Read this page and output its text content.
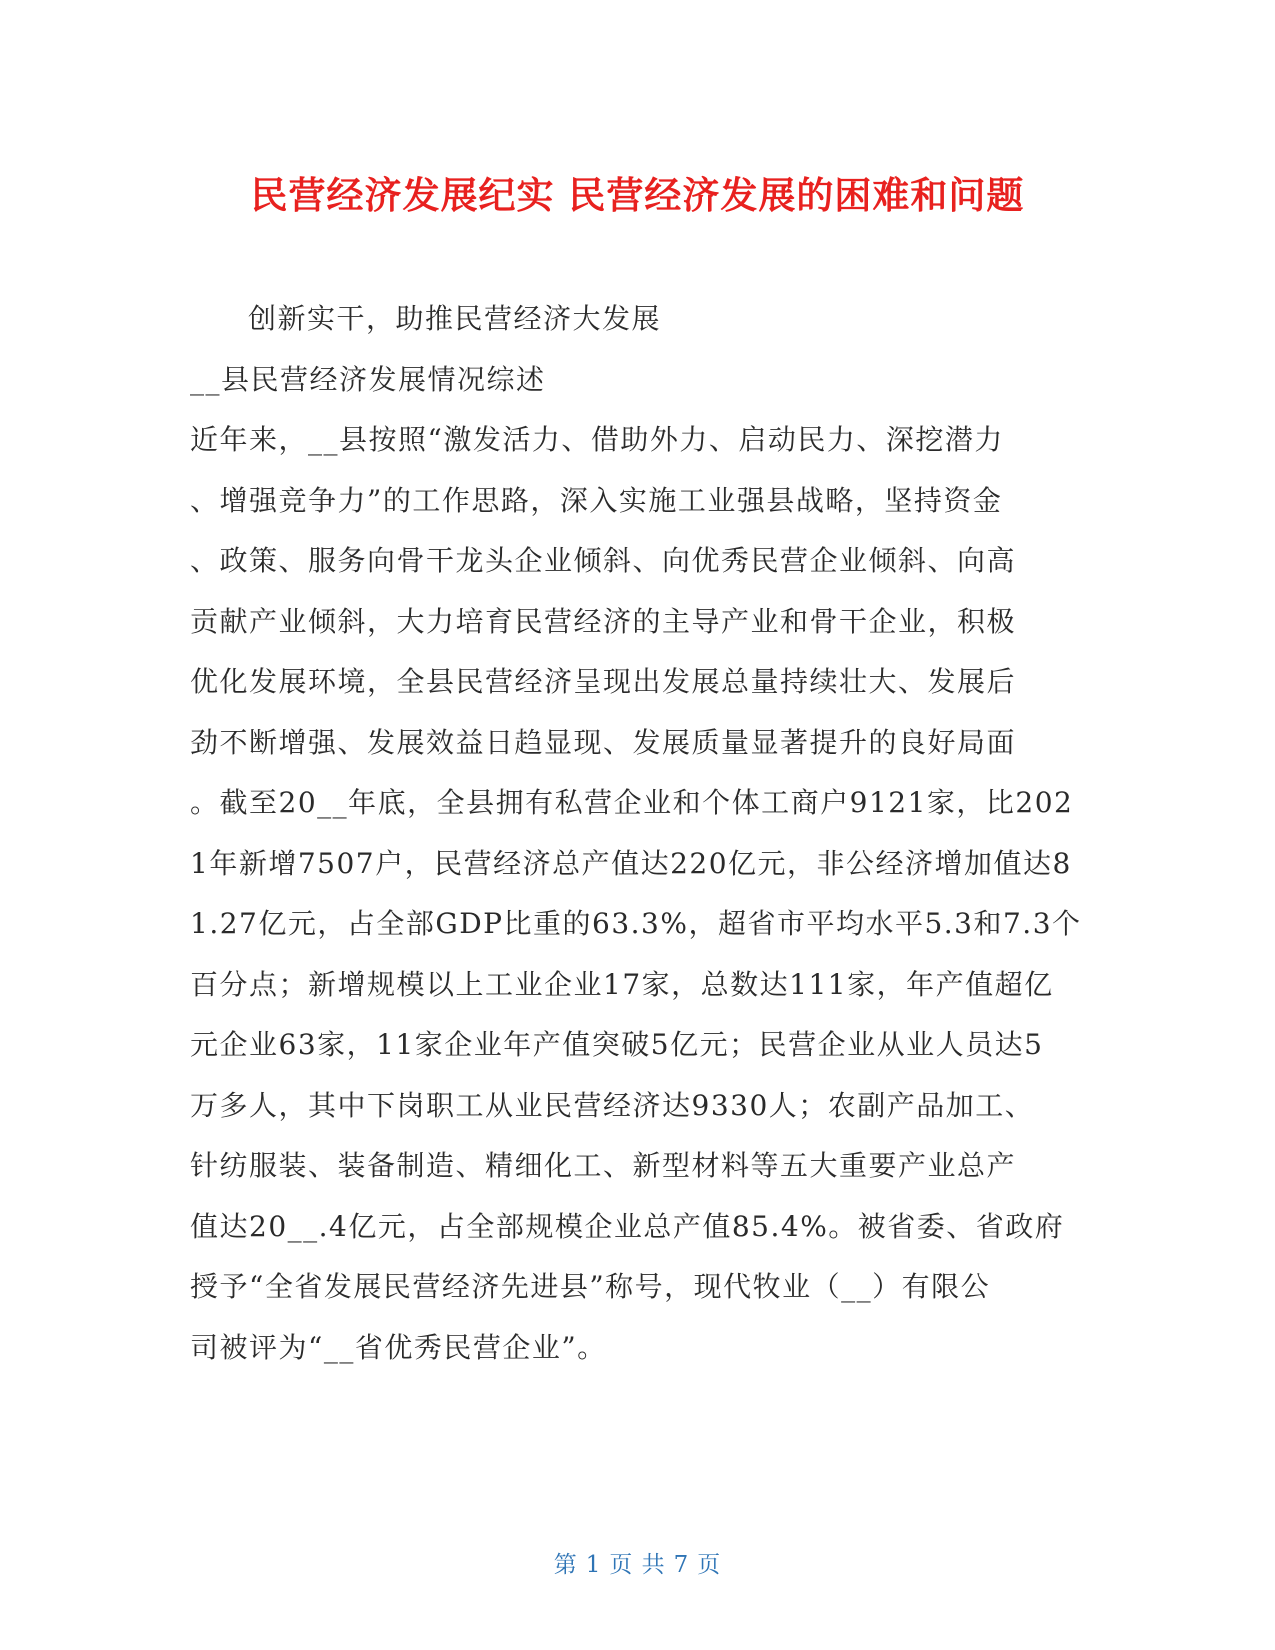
民营经济发展纪实 民营经济发展的困难和问题
创新实干，助推民营经济大发展
__县民营经济发展情况综述
近年来，__县按照“激发活力、借助外力、启动民力、深挖潜力
、增强竞争力”的工作思路，深入实施工业强县战略，坚持资金
、政策、服务向骨干龙头企业倾斜、向优秀民营企业倾斜、向高
贡献产业倾斜，大力培育民营经济的主导产业和骨干企业，积极
优化发展环境，全县民营经济呈现出发展总量持续壮大、发展后
劲不断增强、发展效益日趋显现、发展质量显著提升的良好局面
。截至20__年底，全县拥有私营企业和个体工商户9121家，比202
1年新增7507户，民营经济总产值达220亿元，非公经济增加值达8
1.27亿元，占全部GDP比重的63.3%，超省市平均水平5.3和7.3个
百分点；新增规模以上工业企业17家，总数达111家，年产值超亿
元企业63家，11家企业年产值突破5亿元；民营企业从业人员达5
万多人，其中下岗职工从业民营经济达9330人；农副产品加工、
针纺服装、装备制造、精细化工、新型材料等五大重要产业总产
值达20__.4亿元，占全部规模企业总产值85.4%。被省委、省政府
授予“全省发展民营经济先进县”称号，现代牧业（__）有限公
司被评为“__省优秀民营企业”。
第 1 页 共 7 页
